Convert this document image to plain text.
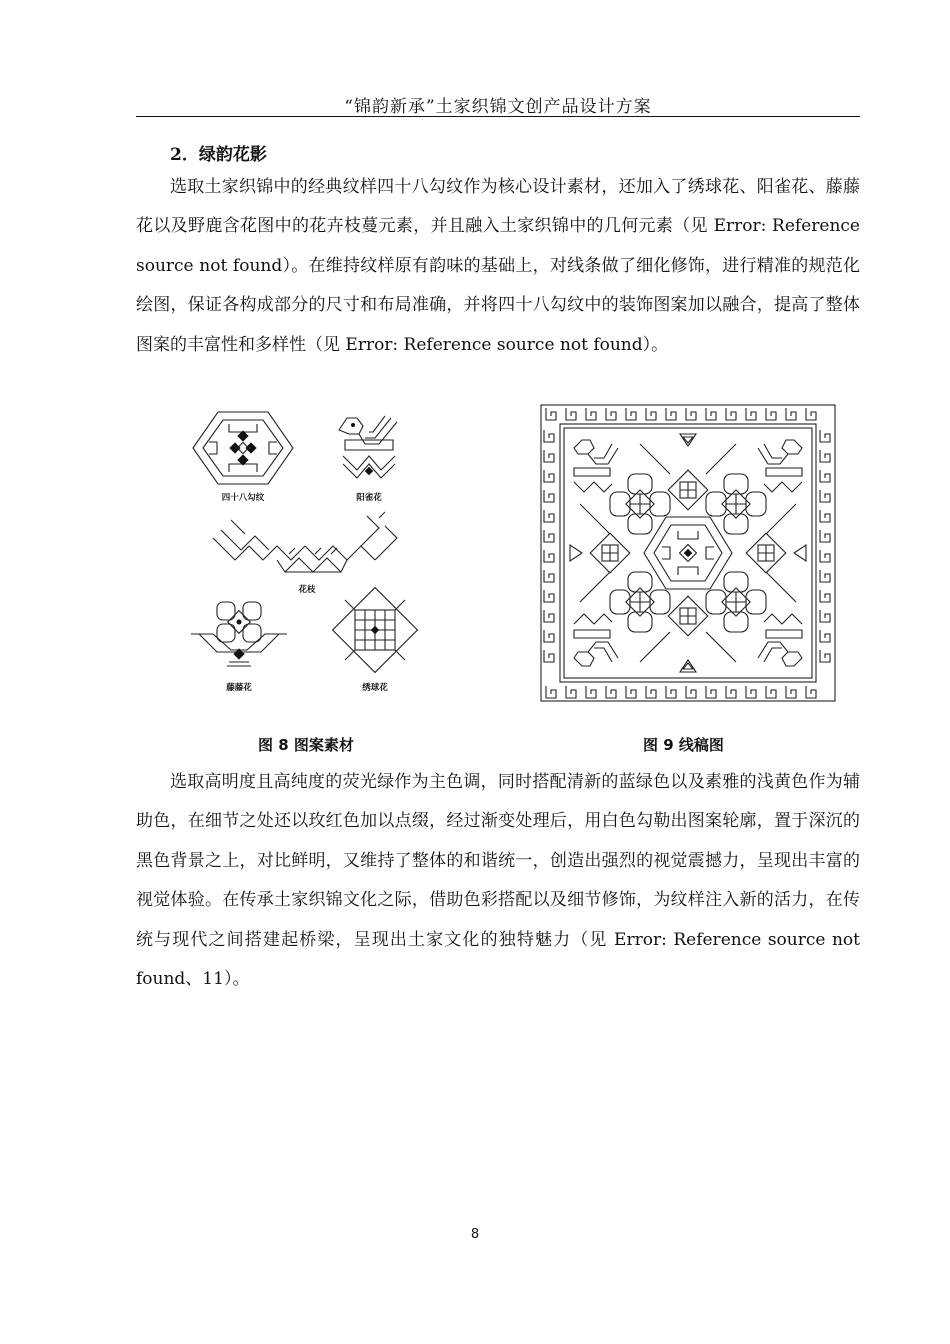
“锦韵新承”土家织锦文创产品设计方案
2．绿韵花影

选取土家织锦中的经典纹样四十八勾纹作为核心设计素材，还加入了绣球花、阳雀花、藤藤花以及野鹿含花图中的花卉枝蔓元素，并且融入土家织锦中的几何元素（见 Error: Reference source not found）。在维持纹样原有韵味的基础上，对线条做了细化修饰，进行精准的规范化绘图，保证各构成部分的尺寸和布局准确，并将四十八勾纹中的装饰图案加以融合，提高了整体图案的丰富性和多样性（见 Error: Reference source not found）。

四十八勾纹	阳雀花
花枝
藤藤花	绣球花
图 8 图案素材	图 9 线稿图

选取高明度且高纯度的荧光绿作为主色调，同时搭配清新的蓝绿色以及素雅的浅黄色作为辅助色，在细节之处还以玫红色加以点缀，经过渐变处理后，用白色勾勒出图案轮廓，置于深沉的黑色背景之上，对比鲜明，又维持了整体的和谐统一，创造出强烈的视觉震撼力，呈现出丰富的视觉体验。在传承土家织锦文化之际，借助色彩搭配以及细节修饰，为纹样注入新的活力，在传统与现代之间搭建起桥梁，呈现出土家文化的独特魅力（见 Error: Reference source not found、11）。

8
